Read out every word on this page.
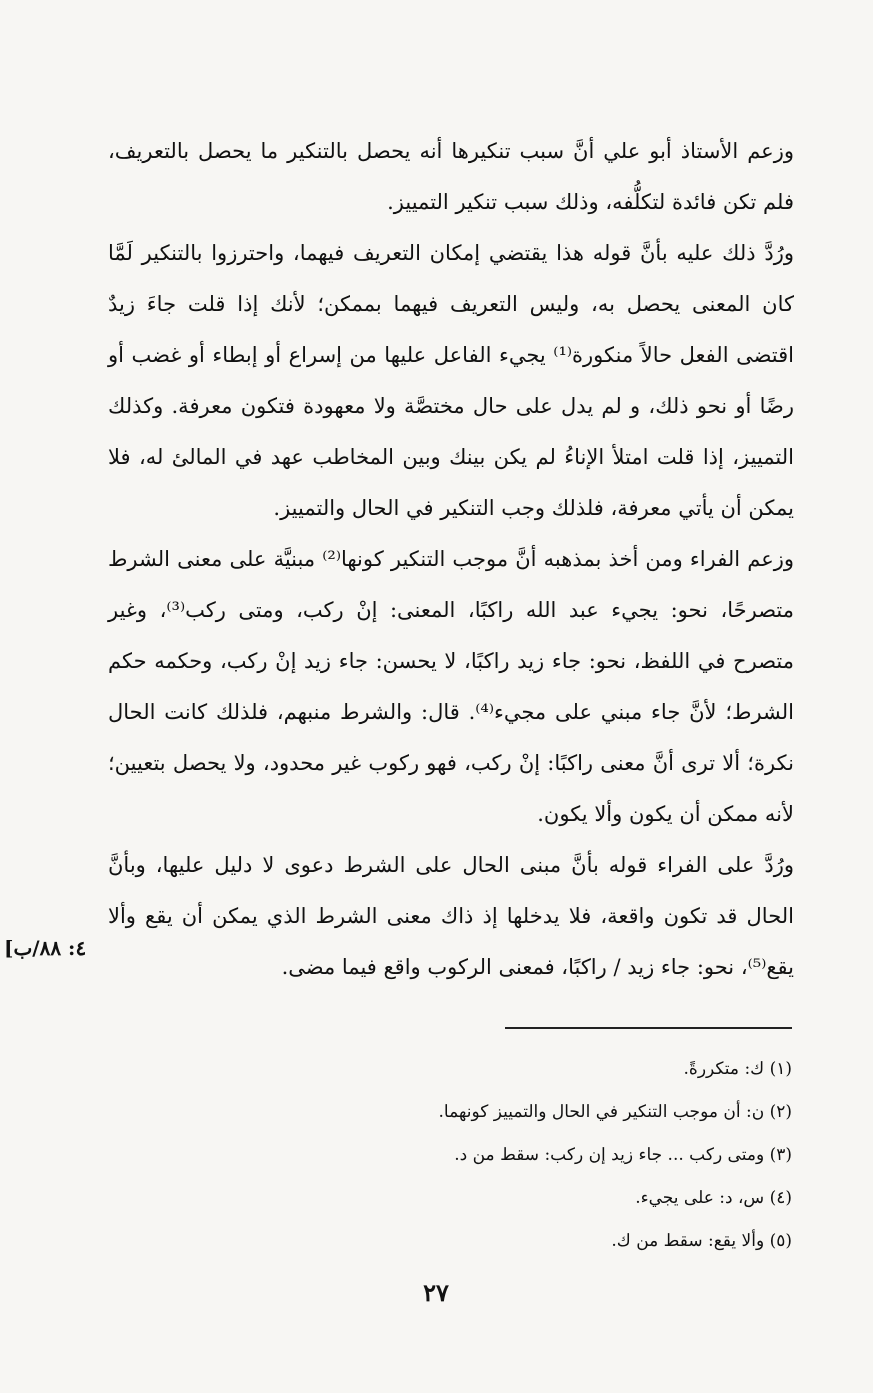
وزعم الأستاذ أبو علي أنَّ سبب تنكيرها أنه يحصل بالتنكير ما يحصل بالتعريف، فلم تكن فائدة لتكلُّفه، وذلك سبب تنكير التمييز.

ورُدَّ ذلك عليه بأنَّ قوله هذا يقتضي إمكان التعريف فيهما، واحترزوا بالتنكير لَمَّا كان المعنى يحصل به، وليس التعريف فيهما بممكن؛ لأنك إذا قلت جاءَ زيدٌ اقتضى الفعل حالاً منكورة⁽¹⁾ يجيء الفاعل عليها من إسراع أو إبطاء أو غضب أو رضًا أو نحو ذلك، و لم يدل على حال مختصَّة ولا معهودة فتكون معرفة. وكذلك التمييز، إذا قلت امتلأ الإناءُ لم يكن بينك وبين المخاطب عهد في المالئ له، فلا يمكن أن يأتي معرفة، فلذلك وجب التنكير في الحال والتمييز.

وزعم الفراء ومن أخذ بمذهبه أنَّ موجب التنكير كونها⁽²⁾ مبنيَّة على معنى الشرط متصرحًا، نحو: يجيء عبد الله راكبًا، المعنى: إنْ ركب، ومتى ركب⁽³⁾، وغير متصرح في اللفظ، نحو: جاء زيد راكبًا، لا يحسن: جاء زيد إنْ ركب، وحكمه حكم الشرط؛ لأنَّ جاء مبني على مجيء⁽⁴⁾. قال: والشرط منبهم، فلذلك كانت الحال نكرة؛ ألا ترى أنَّ معنى راكبًا: إنْ ركب، فهو ركوب غير محدود، ولا يحصل بتعيين؛ لأنه ممكن أن يكون وألا يكون.

ورُدَّ على الفراء قوله بأنَّ مبنى الحال على الشرط دعوى لا دليل عليها، وبأنَّ الحال قد تكون واقعة، فلا يدخلها إذ ذاك معنى الشرط الذي يمكن أن يقع وألا يقع⁽⁵⁾، نحو: جاء زيد / راكبًا، فمعنى الركوب واقع فيما مضى.

[٤: ٨٨/ب
(١) ك: متكررةً.
(٢) ن: أن موجب التنكير في الحال والتمييز كونهما.
(٣) ومتى ركب ... جاء زيد إن ركب: سقط من د.
(٤) س، د: على يجيء.
(٥) وألا يقع: سقط من ك.
٢٧
